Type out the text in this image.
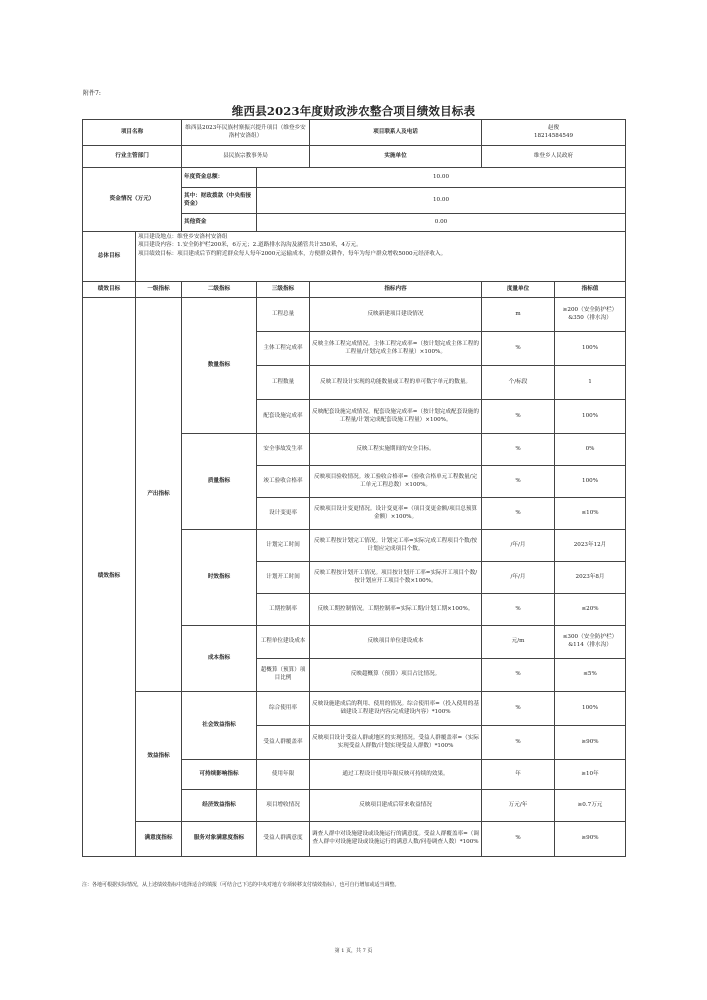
附件7:
维西县2023年度财政涉农整合项目绩效目标表
项目名称		维西县2023年民族村寨振兴提升项目（维登乡安洛村安洛组）		项目联系人及电话	赵俊
18214584549	
行业主管部门		县民族宗教事务局		实施单位	维登乡人民政府	
资金情况（万元）		年度资金总额：	10.00			
		其中：财政拨款（中央衔接资金）	10.00			
		其他资金	0.00			
总体目标	项目建设地点：维登乡安洛村安洛组
项目建设内容：1.安全防护栏200米，6万元；2.道路排水沟沟及涵管共计350米，4万元。
项目绩效目标：项目建成后节约附近群众每人每年2000元运输成本，方便群众耕作，每年为每户群众增收5000元经济收入。					

绩效目标	一级指标	二级指标	三级指标	指标内容	度量单位	指标值
绩效指标	产出指标	数量指标	工程总量	反映新建项目建设情况	m	≥200（安全防护栏）&350（排水沟）
			主体工程完成率	反映主体工程完成情况。主体工程完成率=（按计划完成主体工程的工程量/计划完成主体工程量）×100%。	%	100%
			工程数量	反映工程设计实现的功能数量或工程的单可数字单元的数量。	个/标段	1
			配套设施完成率	反映配套设施完成情况。配套设施完成率=（按计划完成配套设施的工程量/计划完成配套设施工程量）×100%。	%	100%
		质量指标	安全事故发生率	反映工程实施期间的安全目标。	%	0%
			竣工验收合格率	反映项目验收情况。竣工验收合格率=（验收合格单元工程数量/完工单元工程总数）×100%。	%	100%
			设计变更率	反映项目设计变更情况。设计变更率=（项目变更金额/项目总预算金额）×100%。	%	≤10%
		时效指标	计划完工时间	反映工程按计划完工情况。计划完工率=实际完成工程项目个数/按计划应完成项目个数。	/年/月	2023年12月
			计划开工时间	反映工程按计划开工情况。项目按计划开工率=实际开工项目个数/按计划应开工项目个数×100%。	/年/月	2023年8月
			工期控制率	反映工期控制情况。工期控制率=实际工期/计划工期×100%。	%	≤20%
		成本指标	工程单位建设成本	反映项目单位建设成本	元/m	≤300（安全防护栏）&114（排水沟）
			超概算（预算）项目比例	反映超概算（预算）项目占比情况。	%	≤5%
	效益指标	社会效益指标	综合使用率	反映设施建成后的利用、使用的情况。综合使用率=（投入使用的基础建设工程建设内容/完成建设内容）*100%	%	100%
			受益人群覆盖率	反映项目设计受益人群或地区的实现情况。受益人群覆盖率=（实际实现受益人群数/计划实现受益人群数）*100%	%	≥90%
		可持续影响指标	使用年限	通过工程设计使用年限反映可持续的效果。	年	≥10年
		经济效益指标	项目增收情况	反映项目建成后带来收益情况	万元/年	≥0.7万元
	满意度指标	服务对象满意度指标	受益人群满意度	调查人群中对设施建设或设施运行的满意度。受益人群覆盖率=（调查人群中对设施建设或设施运行的满意人数/问卷调查人数）*100%	%	≥90%
注：各地可根据实际情况，从上述绩效指标中选择适合的填报（可结合已下达的中央对地方专项转移支付绩效指标），也可自行增加或适当调整。
第 1 页，共 7 页
